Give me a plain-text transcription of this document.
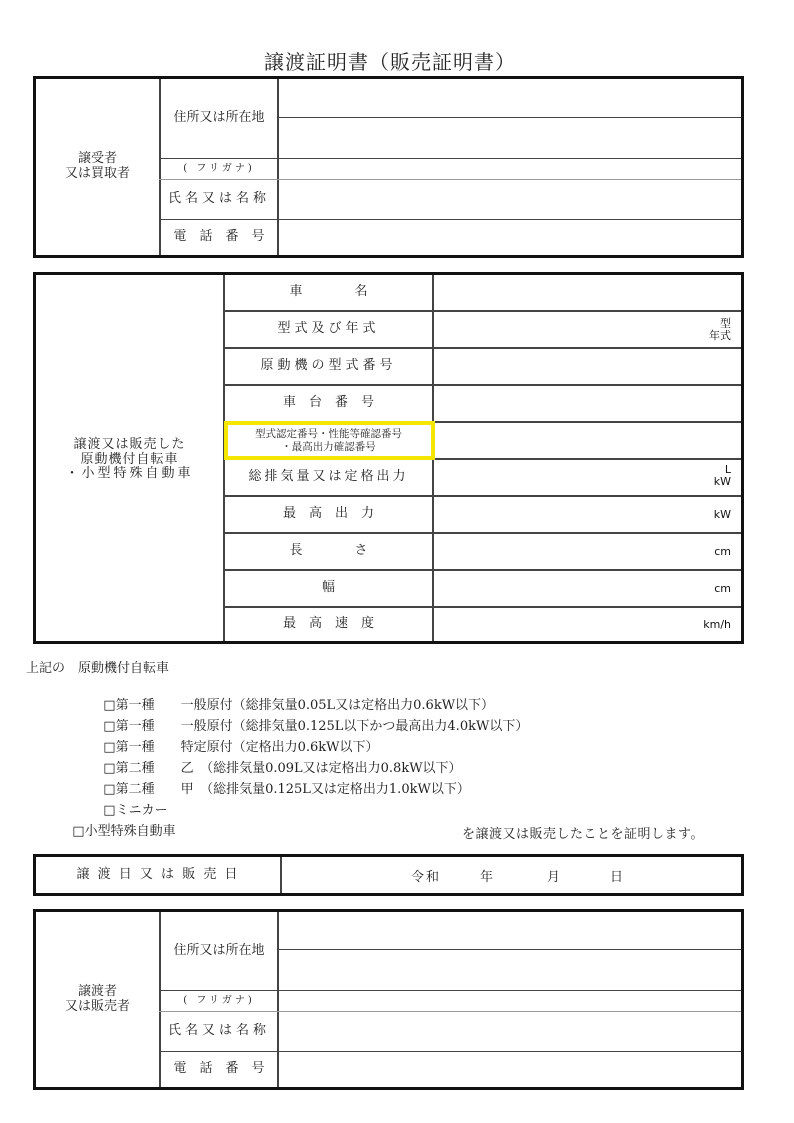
譲渡証明書（販売証明書）
譲受者
又は買取者
住所又は所在地
( フリガナ)
氏名又は名称
電　話　番　号
譲渡又は販売した
原動機付自転車
・小型特殊自動車
車　　　　名
型式及び年式	型
年式
原動機の型式番号
車　台　番　号
型式認定番号・性能等確認番号
・最高出力確認番号
総排気量又は定格出力	L
kW
最　高　出　力	kW
長　　　　さ	cm
幅	cm
最　高　速　度	km/h
上記の　原動機付自転車

□第一種　　一般原付（総排気量0.05L又は定格出力0.6kW以下）

□第一種　　一般原付（総排気量0.125L以下かつ最高出力4.0kW以下）

□第一種　　特定原付（定格出力0.6kW以下）

□第二種　　乙　（総排気量0.09L又は定格出力0.8kW以下）

□第二種　　甲　（総排気量0.125L又は定格出力1.0kW以下）

□ミニカー

□小型特殊自動車	を譲渡又は販売したことを証明します。
譲 渡 日 又 は 販 売 日	令和	年	月	日
譲渡者
又は販売者
住所又は所在地
( フリガナ)
氏名又は名称
電　話　番　号
